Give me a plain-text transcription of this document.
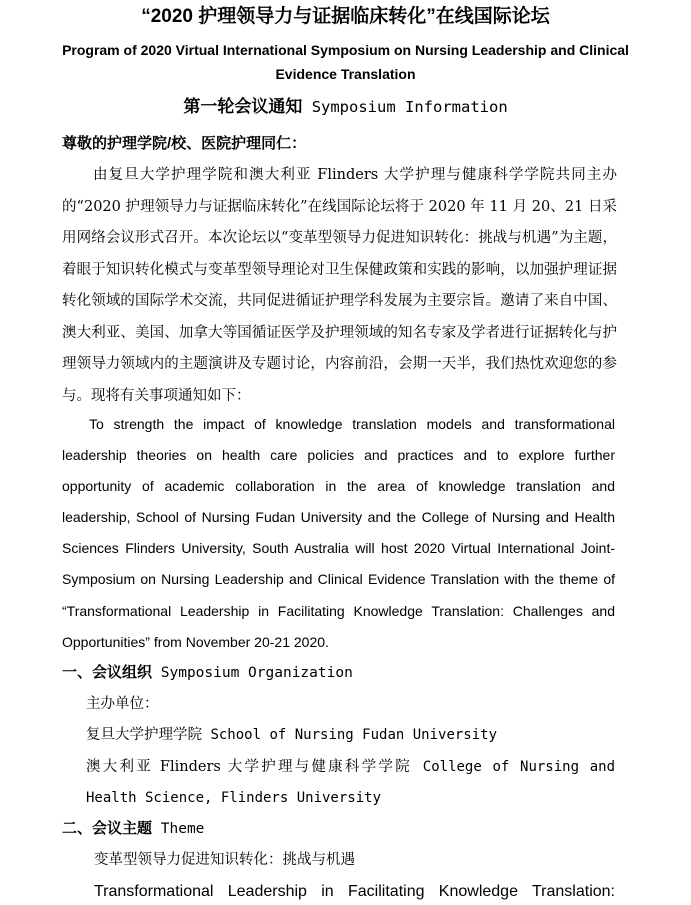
“2020 护理领导力与证据临床转化”在线国际论坛
Program of 2020 Virtual International Symposium on Nursing Leadership and Clinical Evidence Translation
第一轮会议通知 Symposium Information
尊敬的护理学院/校、医院护理同仁：

由复旦大学护理学院和澳大利亚 Flinders 大学护理与健康科学学院共同主办的“2020 护理领导力与证据临床转化”在线国际论坛将于 2020 年 11 月 20、21 日采用网络会议形式召开。本次论坛以“变革型领导力促进知识转化：挑战与机遇”为主题，着眼于知识转化模式与变革型领导理论对卫生保健政策和实践的影响，以加强护理证据转化领域的国际学术交流，共同促进循证护理学科发展为主要宗旨。邀请了来自中国、澳大利亚、美国、加拿大等国循证医学及护理领域的知名专家及学者进行证据转化与护理领导力领域内的主题演讲及专题讨论，内容前沿，会期一天半，我们热忱欢迎您的参与。现将有关事项通知如下：

To strength the impact of knowledge translation models and transformational leadership theories on health care policies and practices and to explore further opportunity of academic collaboration in the area of knowledge translation and leadership, School of Nursing Fudan University and the College of Nursing and Health Sciences Flinders University, South Australia will host 2020 Virtual International Joint-Symposium on Nursing Leadership and Clinical Evidence Translation with the theme of “Transformational Leadership in Facilitating Knowledge Translation: Challenges and Opportunities” from November 20-21 2020.

一、会议组织 Symposium Organization
主办单位：
复旦大学护理学院 School of Nursing Fudan University
澳大利亚 Flinders 大学护理与健康科学学院 College of Nursing and
Health Science, Flinders University
二、会议主题 Theme
变革型领导力促进知识转化：挑战与机遇
Transformational Leadership in Facilitating Knowledge Translation:
